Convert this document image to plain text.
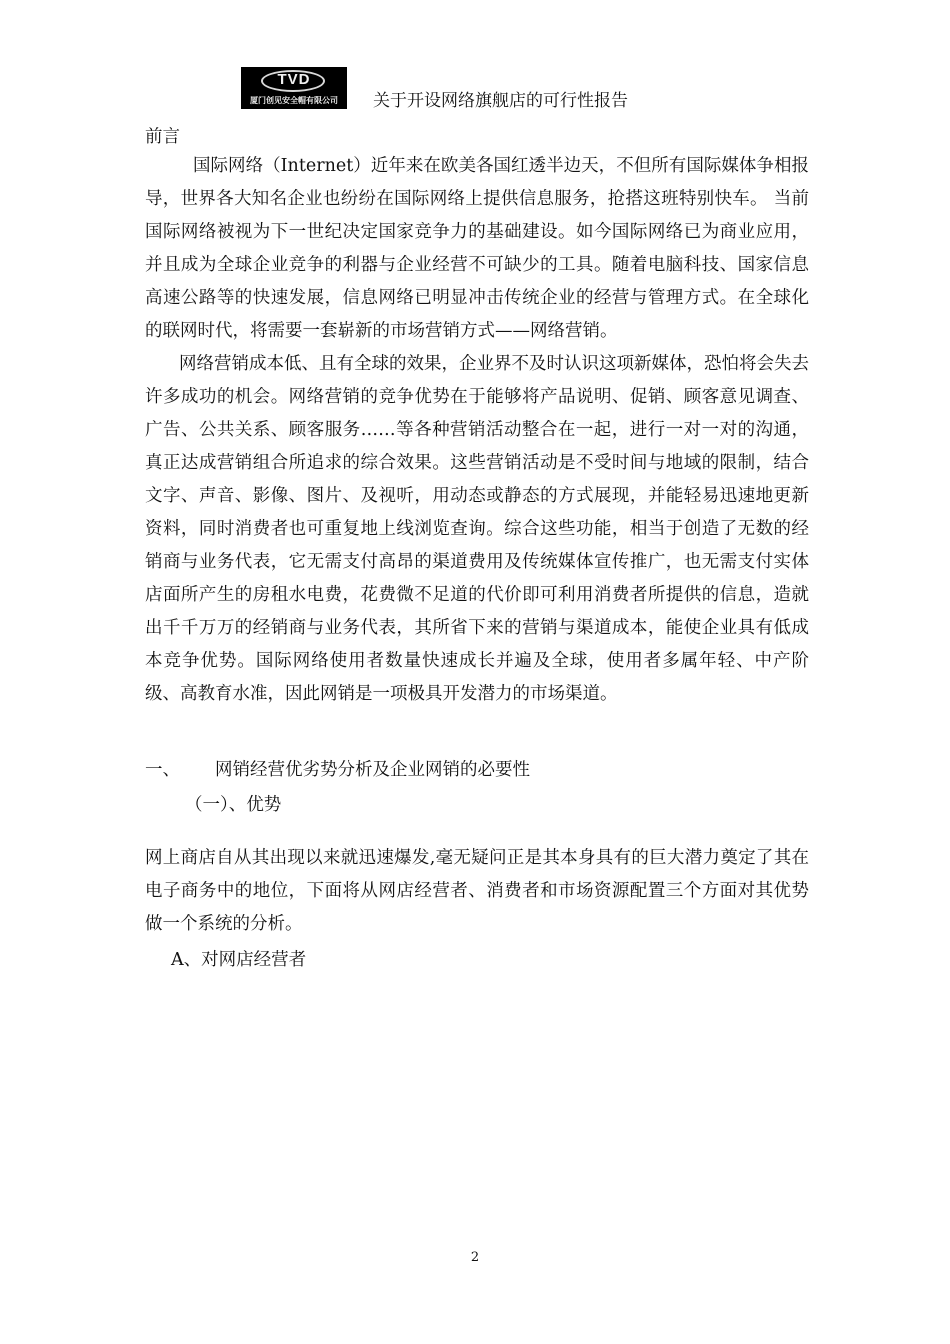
TVD
厦门创见安全帽有限公司	关于开设网络旗舰店的可行性报告

前言

国际网络（Internet）近年来在欧美各国红透半边天，不但所有国际媒体争相报导，世界各大知名企业也纷纷在国际网络上提供信息服务，抢搭这班特别快车。 当前国际网络被视为下一世纪决定国家竞争力的基础建设。如今国际网络已为商业应用，并且成为全球企业竞争的利器与企业经营不可缺少的工具。随着电脑科技、国家信息高速公路等的快速发展，信息网络已明显冲击传统企业的经营与管理方式。在全球化的联网时代，将需要一套崭新的市场营销方式——网络营销。

网络营销成本低、且有全球的效果，企业界不及时认识这项新媒体，恐怕将会失去许多成功的机会。网络营销的竞争优势在于能够将产品说明、促销、顾客意见调查、广告、公共关系、顾客服务……等各种营销活动整合在一起，进行一对一对的沟通，真正达成营销组合所追求的综合效果。这些营销活动是不受时间与地域的限制，结合文字、声音、影像、图片、及视听，用动态或静态的方式展现，并能轻易迅速地更新资料，同时消费者也可重复地上线浏览查询。综合这些功能，相当于创造了无数的经销商与业务代表，它无需支付高昂的渠道费用及传统媒体宣传推广，也无需支付实体店面所产生的房租水电费，花费微不足道的代价即可利用消费者所提供的信息，造就出千千万万的经销商与业务代表，其所省下来的营销与渠道成本，能使企业具有低成本竞争优势。国际网络使用者数量快速成长并遍及全球，使用者多属年轻、中产阶级、高教育水准，因此网销是一项极具开发潜力的市场渠道。

一、 网销经营优劣势分析及企业网销的必要性

（一）、优势

网上商店自从其出现以来就迅速爆发,毫无疑问正是其本身具有的巨大潜力奠定了其在电子商务中的地位，下面将从网店经营者、消费者和市场资源配置三个方面对其优势做一个系统的分析。

A、对网店经营者

2
